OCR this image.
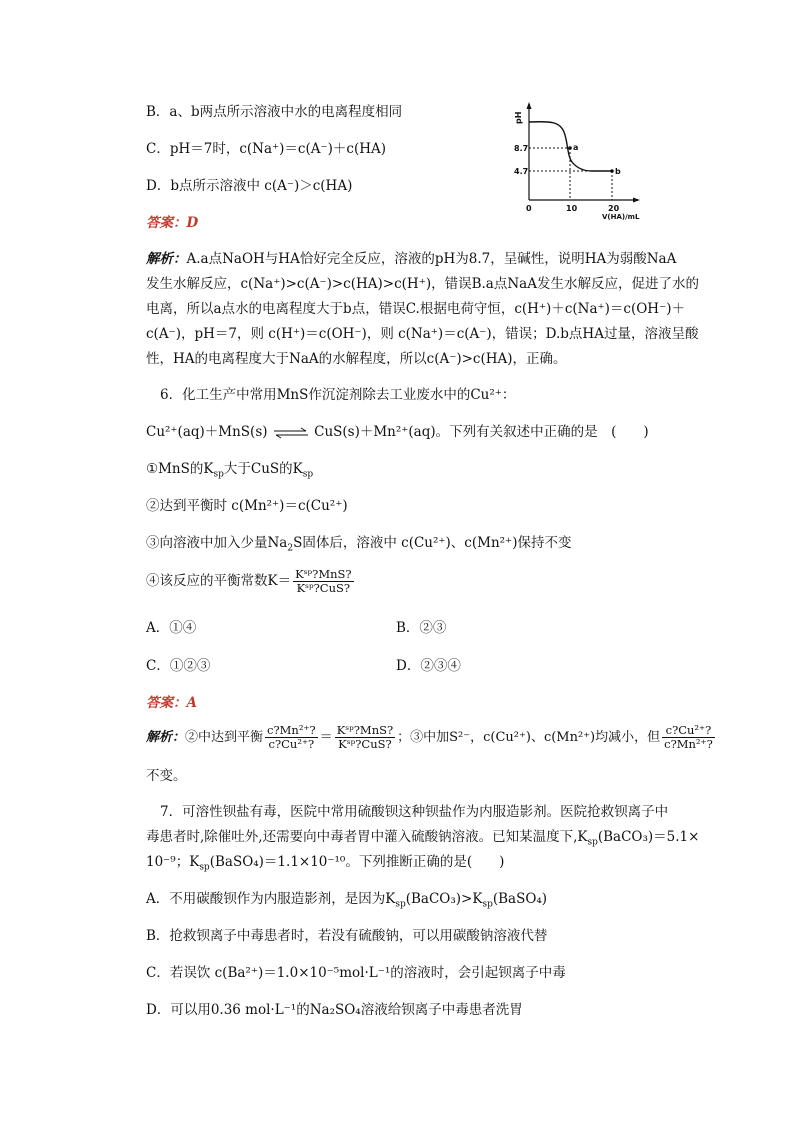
B．a、b两点所示溶液中水的电离程度相同
C．pH＝7时，c(Na⁺)＝c(A⁻)＋c(HA)
D．b点所示溶液中 c(A⁻)＞c(HA)
答案：D
pH
a
b
8.7
4.7
0	10	20
V(HA)/mL
解析：A.a点NaOH与HA恰好完全反应，溶液的pH为8.7，呈碱性，说明HA为弱酸NaA
发生水解反应，c(Na⁺)>c(A⁻)>c(HA)>c(H⁺)，错误B.a点NaA发生水解反应，促进了水的
电离，所以a点水的电离程度大于b点，错误C.根据电荷守恒，c(H⁺)＋c(Na⁺)＝c(OH⁻)＋
c(A⁻)，pH＝7，则 c(H⁺)＝c(OH⁻)，则 c(Na⁺)＝c(A⁻)，错误；D.b点HA过量，溶液呈酸
性，HA的电离程度大于NaA的水解程度，所以c(A⁻)>c(HA)，正确。
6．化工生产中常用MnS作沉淀剂除去工业废水中的Cu²⁺：
Cu²⁺(aq)＋MnS(s) ⇌ CuS(s)＋Mn²⁺(aq)。下列有关叙述中正确的是　(　　)
①MnS的$K_{sp}$大于CuS的$K_{sp}$
②达到平衡时 c(Mn²⁺)＝c(Cu²⁺)
③向溶液中加入少量$Na_2S$固体后，溶液中 c(Cu²⁺)、c(Mn²⁺)保持不变
④该反应的平衡常数$K= \frac{\text{Kˢᵖ?MnS?}}{\text{Kˢᵖ?CuS?}}$
A．①④	B．②③
C．①②③	D．②③④
答案：A
解析：②中达到平衡 $\frac{\text{c?Mn²⁺?}}{\text{c?Cu²⁺?}} = \frac{\text{Kˢᵖ?MnS?}}{\text{Kˢᵖ?CuS?}}$ ；③中加S²⁻，c(Cu²⁺)、c(Mn²⁺)均减小，但 $\frac{\text{c?Cu²⁺?}}{\text{c?Mn²⁺?}}$
不变。
7．可溶性钡盐有毒，医院中常用硫酸钡这种钡盐作为内服造影剂。医院抢救钡离子中
毒患者时,除催吐外,还需要向中毒者胃中灌入硫酸钠溶液。已知某温度下$,K_{sp}(BaCO_3)=5.1\times$
10⁻⁹；$K_{sp}(BaSO_4)=1.1\times 10^{-10}$。下列推断正确的是(　　)
A．不用碳酸钡作为内服造影剂，是因为$K_{sp}(BaCO_3)>K_{sp}(BaSO_4)$
B．抢救钡离子中毒患者时，若没有硫酸钠，可以用碳酸钠溶液代替
C．若误饮 c(Ba²⁺)＝1.0×10⁻⁵mol·L⁻¹的溶液时，会引起钡离子中毒
D．可以用0.36 mol·L⁻¹的Na₂SO₄溶液给钡离子中毒患者洗胃
